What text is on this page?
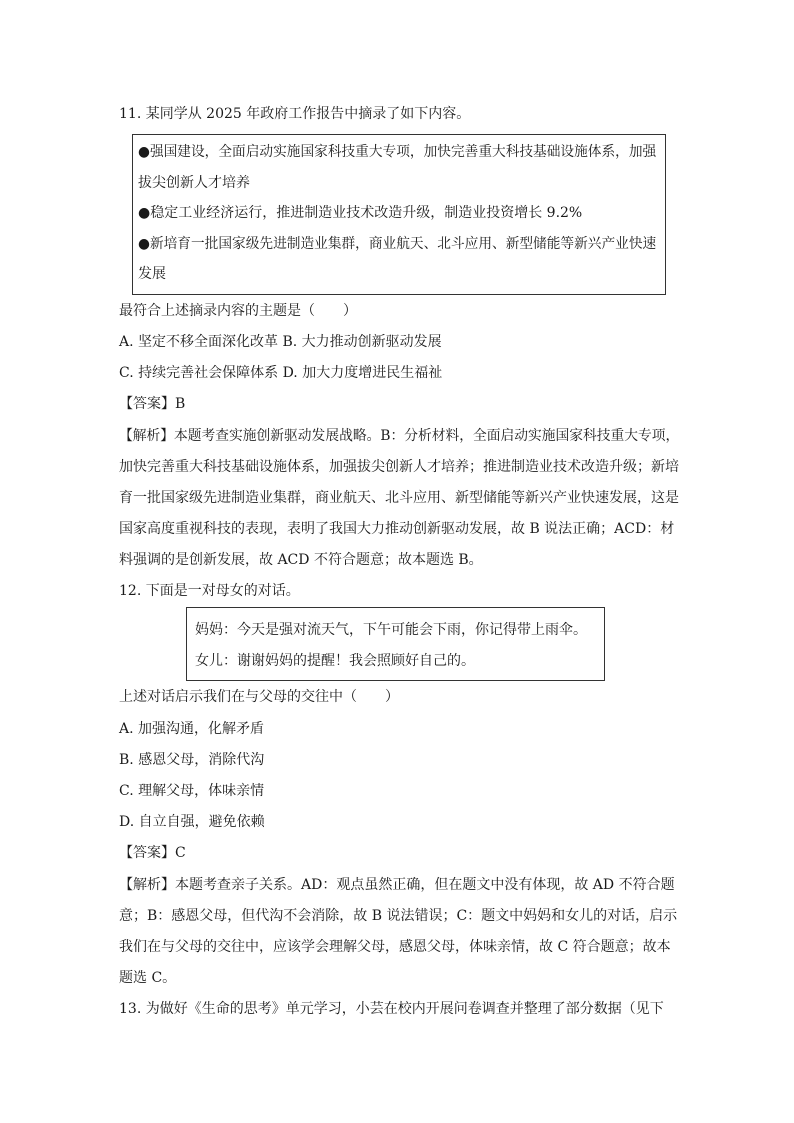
11. 某同学从 2025 年政府工作报告中摘录了如下内容。
●强国建设，全面启动实施国家科技重大专项，加快完善重大科技基础设施体系，加强
拔尖创新人才培养
●稳定工业经济运行，推进制造业技术改造升级，制造业投资增长 9.2%
●新培育一批国家级先进制造业集群，商业航天、北斗应用、新型储能等新兴产业快速
发展
最符合上述摘录内容的主题是（　　）
A. 坚定不移全面深化改革 B. 大力推动创新驱动发展
C. 持续完善社会保障体系 D. 加大力度增进民生福祉
【答案】B
【解析】本题考查实施创新驱动发展战略。B：分析材料，全面启动实施国家科技重大专项，
加快完善重大科技基础设施体系，加强拔尖创新人才培养；推进制造业技术改造升级；新培
育一批国家级先进制造业集群，商业航天、北斗应用、新型储能等新兴产业快速发展，这是
国家高度重视科技的表现，表明了我国大力推动创新驱动发展，故 B 说法正确；ACD：材
料强调的是创新发展，故 ACD 不符合题意；故本题选 B。
12. 下面是一对母女的对话。
妈妈：今天是强对流天气，下午可能会下雨，你记得带上雨伞。
女儿：谢谢妈妈的提醒！我会照顾好自己的。
上述对话启示我们在与父母的交往中（　　）
A. 加强沟通，化解矛盾
B. 感恩父母，消除代沟
C. 理解父母，体味亲情
D. 自立自强，避免依赖
【答案】C
【解析】本题考查亲子关系。AD：观点虽然正确，但在题文中没有体现，故 AD 不符合题
意；B：感恩父母，但代沟不会消除，故 B 说法错误；C：题文中妈妈和女儿的对话，启示
我们在与父母的交往中，应该学会理解父母，感恩父母，体味亲情，故 C 符合题意；故本
题选 C。
13. 为做好《生命的思考》单元学习，小芸在校内开展问卷调查并整理了部分数据（见下
